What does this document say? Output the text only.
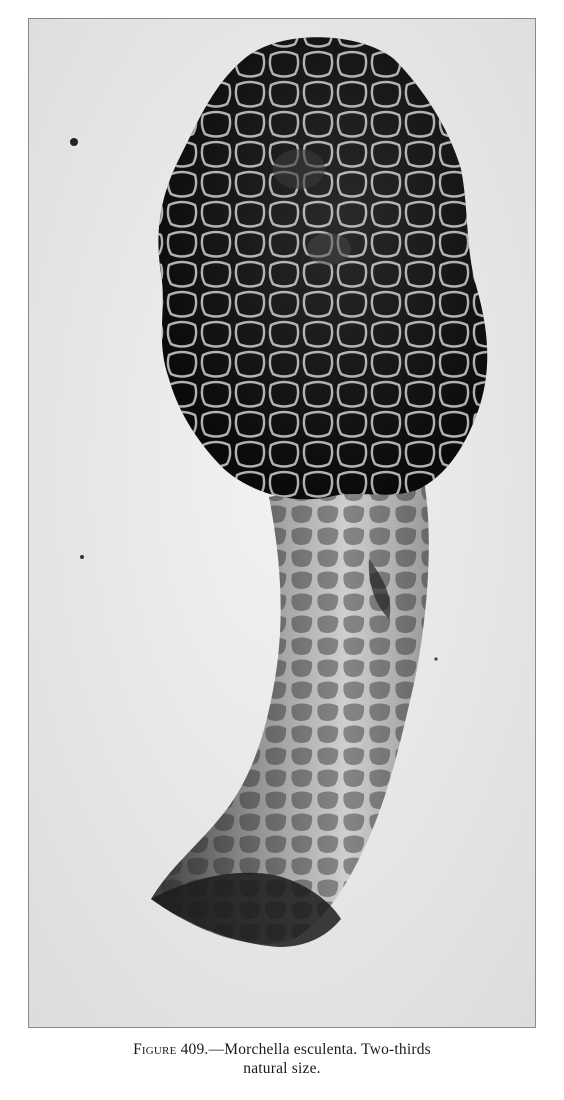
Figure 409.—Morchella esculenta. Two-thirds
natural size.
